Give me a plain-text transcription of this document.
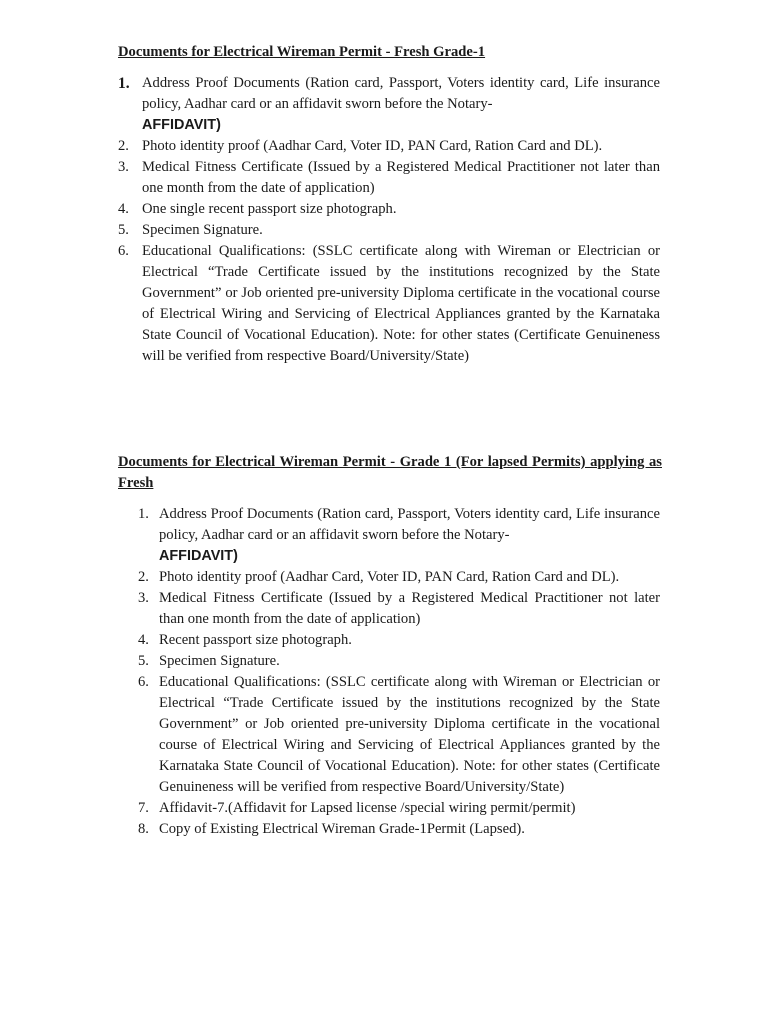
Documents for Electrical Wireman Permit - Fresh Grade-1
1. Address Proof Documents (Ration card, Passport, Voters identity card, Life insurance policy, Aadhar card or an affidavit sworn before the Notary-
AFFIDAVIT)
2. Photo identity proof (Aadhar Card, Voter ID, PAN Card, Ration Card and DL).
3. Medical Fitness Certificate (Issued by a Registered Medical Practitioner not later than one month from the date of application)
4. One single recent passport size photograph.
5. Specimen Signature.
6. Educational Qualifications: (SSLC certificate along with Wireman or Electrician or Electrical “Trade Certificate issued by the institutions recognized by the State Government” or Job oriented pre-university Diploma certificate in the vocational course of Electrical Wiring and Servicing of Electrical Appliances granted by the Karnataka State Council of Vocational Education). Note: for other states (Certificate Genuineness will be verified from respective Board/University/State)
Documents for Electrical Wireman Permit - Grade 1 (For lapsed Permits) applying as Fresh
1. Address Proof Documents (Ration card, Passport, Voters identity card, Life insurance policy, Aadhar card or an affidavit sworn before the Notary-
AFFIDAVIT)
2. Photo identity proof (Aadhar Card, Voter ID, PAN Card, Ration Card and DL).
3. Medical Fitness Certificate (Issued by a Registered Medical Practitioner not later than one month from the date of application)
4. Recent passport size photograph.
5. Specimen Signature.
6. Educational Qualifications: (SSLC certificate along with Wireman or Electrician or Electrical “Trade Certificate issued by the institutions recognized by the State Government” or Job oriented pre-university Diploma certificate in the vocational course of Electrical Wiring and Servicing of Electrical Appliances granted by the Karnataka State Council of Vocational Education). Note: for other states (Certificate Genuineness will be verified from respective Board/University/State)
7. Affidavit-7.(Affidavit for Lapsed license /special wiring permit/permit)
8. Copy of Existing Electrical Wireman Grade-1Permit (Lapsed).
